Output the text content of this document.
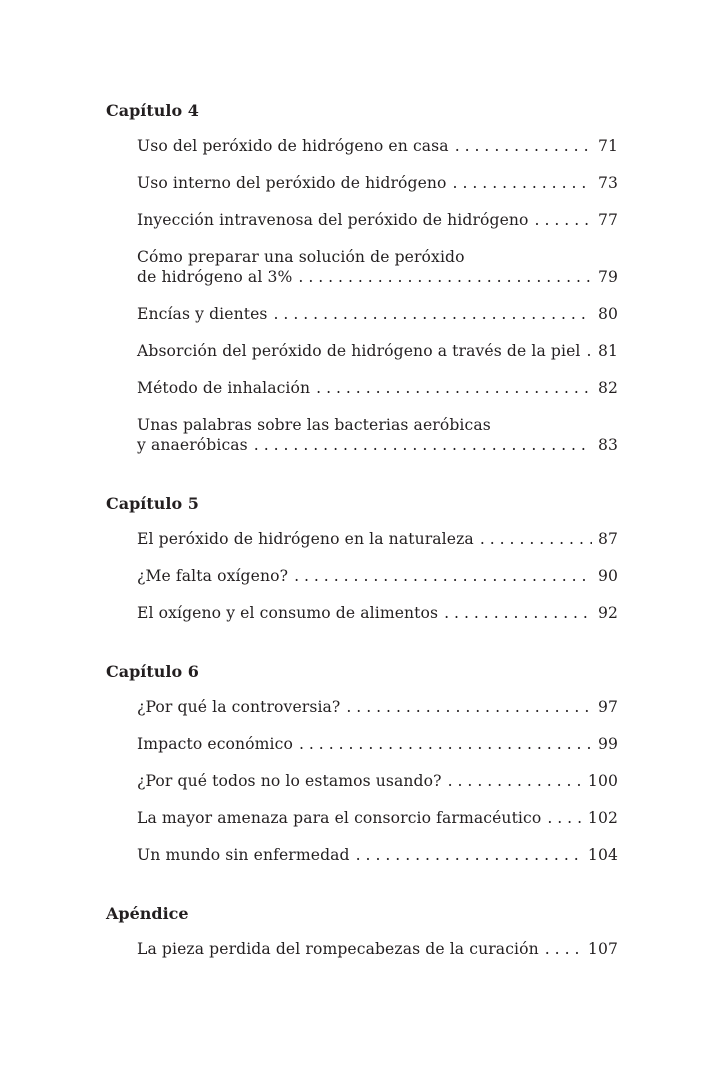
Capítulo 4
Uso del peróxido de hidrógeno en casa . . .	71
Uso interno del peróxido de hidrógeno . . .	73
Inyección intravenosa del peróxido de hidrógeno . . .	77
Cómo preparar una solución de peróxido
de hidrógeno al 3% . . .	79
Encías y dientes . . .	80
Absorción del peróxido de hidrógeno a través de la piel . . . 81
Método de inhalación . . .	82
Unas palabras sobre las bacterias aeróbicas
y anaeróbicas . . .	83
Capítulo 5
El peróxido de hidrógeno en la naturaleza . . .	87
¿Me falta oxígeno? . . .	90
El oxígeno y el consumo de alimentos . . .	92
Capítulo 6
¿Por qué la controversia? . . .	97
Impacto económico . . .	99
¿Por qué todos no lo estamos usando? . . .	100
La mayor amenaza para el consorcio farmacéutico . . .	102
Un mundo sin enfermedad . . .	104
Apéndice
La pieza perdida del rompecabezas de la curación . . .	107
